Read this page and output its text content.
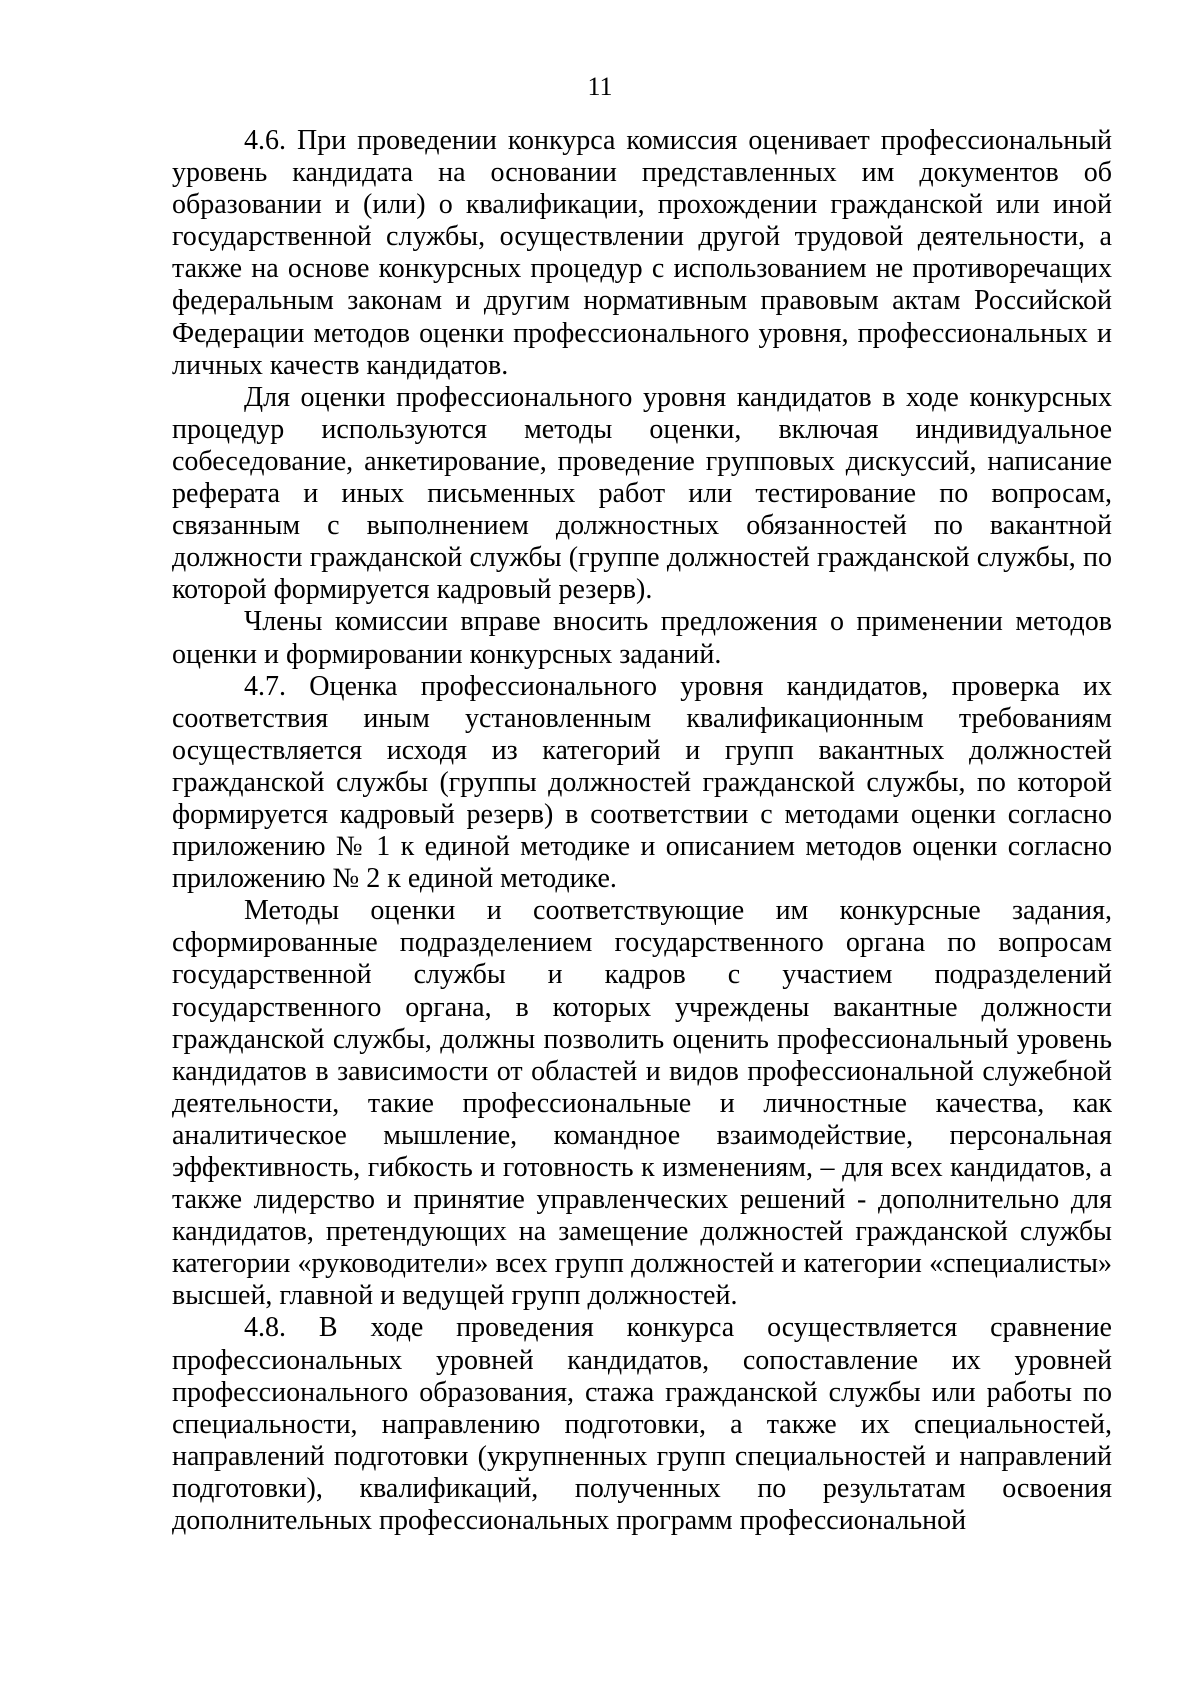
11

4.6. При проведении конкурса комиссия оценивает профессиональный уровень кандидата на основании представленных им документов об образовании и (или) о квалификации, прохождении гражданской или иной государственной службы, осуществлении другой трудовой деятельности, а также на основе конкурсных процедур с использованием не противоречащих федеральным законам и другим нормативным правовым актам Российской Федерации методов оценки профессионального уровня, профессиональных и личных качеств кандидатов.

Для оценки профессионального уровня кандидатов в ходе конкурсных процедур используются методы оценки, включая индивидуальное собеседование, анкетирование, проведение групповых дискуссий, написание реферата и иных письменных работ или тестирование по вопросам, связанным с выполнением должностных обязанностей по вакантной должности гражданской службы (группе должностей гражданской службы, по которой формируется кадровый резерв).

Члены комиссии вправе вносить предложения о применении методов оценки и формировании конкурсных заданий.

4.7. Оценка профессионального уровня кандидатов, проверка их соответствия иным установленным квалификационным требованиям осуществляется исходя из категорий и групп вакантных должностей гражданской службы (группы должностей гражданской службы, по которой формируется кадровый резерв) в соответствии с методами оценки согласно приложению № 1 к единой методике и описанием методов оценки согласно приложению № 2 к единой методике.

Методы оценки и соответствующие им конкурсные задания, сформированные подразделением государственного органа по вопросам государственной службы и кадров с участием подразделений государственного органа, в которых учреждены вакантные должности гражданской службы, должны позволить оценить профессиональный уровень кандидатов в зависимости от областей и видов профессиональной служебной деятельности, такие профессиональные и личностные качества, как аналитическое мышление, командное взаимодействие, персональная эффективность, гибкость и готовность к изменениям, – для всех кандидатов, а также лидерство и принятие управленческих решений - дополнительно для кандидатов, претендующих на замещение должностей гражданской службы категории «руководители» всех групп должностей и категории «специалисты» высшей, главной и ведущей групп должностей.

4.8. В ходе проведения конкурса осуществляется сравнение профессиональных уровней кандидатов, сопоставление их уровней профессионального образования, стажа гражданской службы или работы по специальности, направлению подготовки, а также их специальностей, направлений подготовки (укрупненных групп специальностей и направлений подготовки), квалификаций, полученных по результатам освоения дополнительных профессиональных программ профессиональной
